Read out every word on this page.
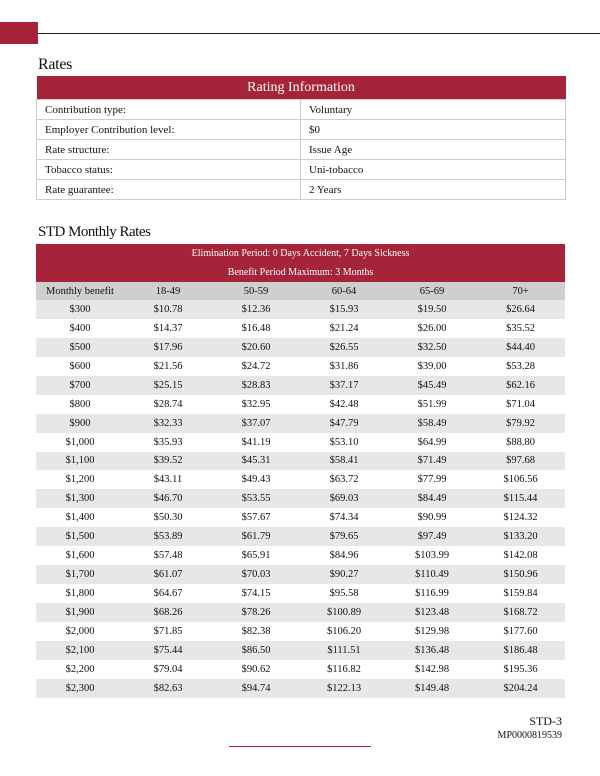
Rates
Rating Information	
Contribution type:	Voluntary
Employer Contribution level:	$0
Rate structure:	Issue Age
Tobacco status:	Uni-tobacco
Rate guarantee:	2 Years
STD Monthly Rates
Elimination Period: 0 Days Accident, 7 Days Sickness					
Benefit Period Maximum: 3 Months					
Monthly benefit	18-49	50-59	60-64	65-69	70+
$300	$10.78	$12.36	$15.93	$19.50	$26.64
$400	$14.37	$16.48	$21.24	$26.00	$35.52
$500	$17.96	$20.60	$26.55	$32.50	$44.40
$600	$21.56	$24.72	$31.86	$39.00	$53.28
$700	$25.15	$28.83	$37.17	$45.49	$62.16
$800	$28.74	$32.95	$42.48	$51.99	$71.04
$900	$32.33	$37.07	$47.79	$58.49	$79.92
$1,000	$35.93	$41.19	$53.10	$64.99	$88.80
$1,100	$39.52	$45.31	$58.41	$71.49	$97.68
$1,200	$43.11	$49.43	$63.72	$77.99	$106.56
$1,300	$46.70	$53.55	$69.03	$84.49	$115.44
$1,400	$50.30	$57.67	$74.34	$90.99	$124.32
$1,500	$53.89	$61.79	$79.65	$97.49	$133.20
$1,600	$57.48	$65.91	$84.96	$103.99	$142.08
$1,700	$61.07	$70.03	$90.27	$110.49	$150.96
$1,800	$64.67	$74.15	$95.58	$116.99	$159.84
$1,900	$68.26	$78.26	$100.89	$123.48	$168.72
$2,000	$71.85	$82.38	$106.20	$129.98	$177.60
$2,100	$75.44	$86.50	$111.51	$136.48	$186.48
$2,200	$79.04	$90.62	$116.82	$142.98	$195.36
$2,300	$82.63	$94.74	$122.13	$149.48	$204.24
STD-3
MP0000819539
